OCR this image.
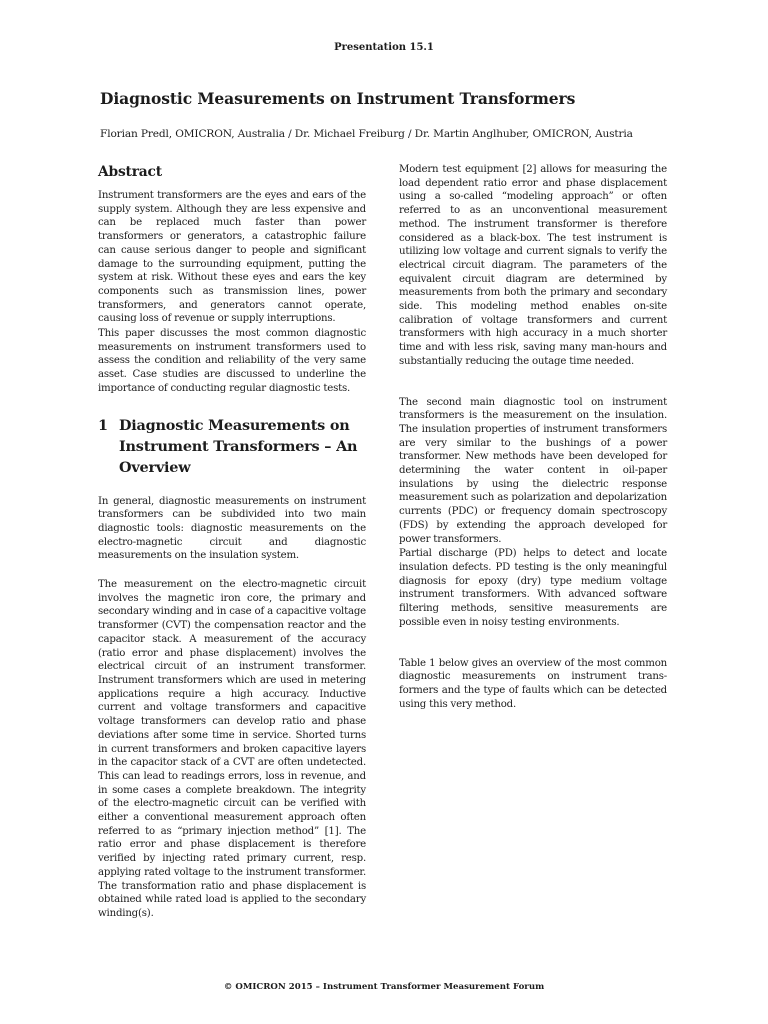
Presentation 15.1
Diagnostic Measurements on Instrument Transformers
Florian Predl, OMICRON, Australia / Dr. Michael Freiburg / Dr. Martin Anglhuber, OMICRON, Austria
Abstract

Instrument transformers are the eyes and ears of the supply system. Although they are less expensive and can be replaced much faster than power transformers or generators, a catastrophic failure can cause serious danger to people and significant damage to the surrounding equipment, putting the system at risk. Without these eyes and ears the key components such as transmission lines, power transformers, and generators cannot operate, causing loss of revenue or supply interruptions.

This paper discusses the most common diagnostic measurements on instrument transformers used to assess the condition and reliability of the very same asset. Case studies are discussed to underline the importance of conducting regular diagnostic tests.

1 Diagnostic Measurements on Instrument Transformers – An Overview

In general, diagnostic measurements on instrument transformers can be subdivided into two main diagnostic tools: diagnostic measurements on the electro-magnetic circuit and diagnostic measurements on the insulation system.

The measurement on the electro-magnetic circuit involves the magnetic iron core, the primary and secondary winding and in case of a capacitive voltage transformer (CVT) the compensation reactor and the capacitor stack. A measurement of the accuracy (ratio error and phase displacement) involves the electrical circuit of an instrument transformer. Instrument transformers which are used in metering applications require a high accuracy. Inductive current and voltage transformers and capacitive voltage transformers can develop ratio and phase deviations after some time in service. Shorted turns in current transformers and broken capacitive layers in the capacitor stack of a CVT are often undetected. This can lead to readings errors, loss in revenue, and in some cases a complete breakdown. The integrity of the electro-magnetic circuit can be verified with either a conventional measurement approach often referred to as “primary injection method” [1]. The ratio error and phase displacement is therefore verified by injecting rated primary current, resp. applying rated voltage to the instrument transformer. The transformation ratio and phase displacement is obtained while rated load is applied to the secondary winding(s).

Modern test equipment [2] allows for measuring the load dependent ratio error and phase displacement using a so-called “modeling approach” or often referred to as an unconventional measurement method. The instrument transformer is therefore considered as a black-box. The test instrument is utilizing low voltage and current signals to verify the electrical circuit diagram. The parameters of the equivalent circuit diagram are determined by measurements from both the primary and secondary side. This modeling method enables on-site calibration of voltage transformers and current transformers with high accuracy in a much shorter time and with less risk, saving many man-hours and substantially reducing the outage time needed.

The second main diagnostic tool on instrument transformers is the measurement on the insulation. The insulation properties of instrument transformers are very similar to the bushings of a power transformer. New methods have been developed for determining the water content in oil-paper insulations by using the dielectric response measurement such as polarization and depolarization currents (PDC) or frequency domain spectroscopy (FDS) by extending the approach developed for power transformers.

Partial discharge (PD) helps to detect and locate insulation defects. PD testing is the only meaningful diagnosis for epoxy (dry) type medium voltage instrument transformers. With advanced software filtering methods, sensitive measurements are possible even in noisy testing environments.

Table 1 below gives an overview of the most common diagnostic measurements on instrument trans-formers and the type of faults which can be detected using this very method.

© OMICRON 2015 – Instrument Transformer Measurement Forum
